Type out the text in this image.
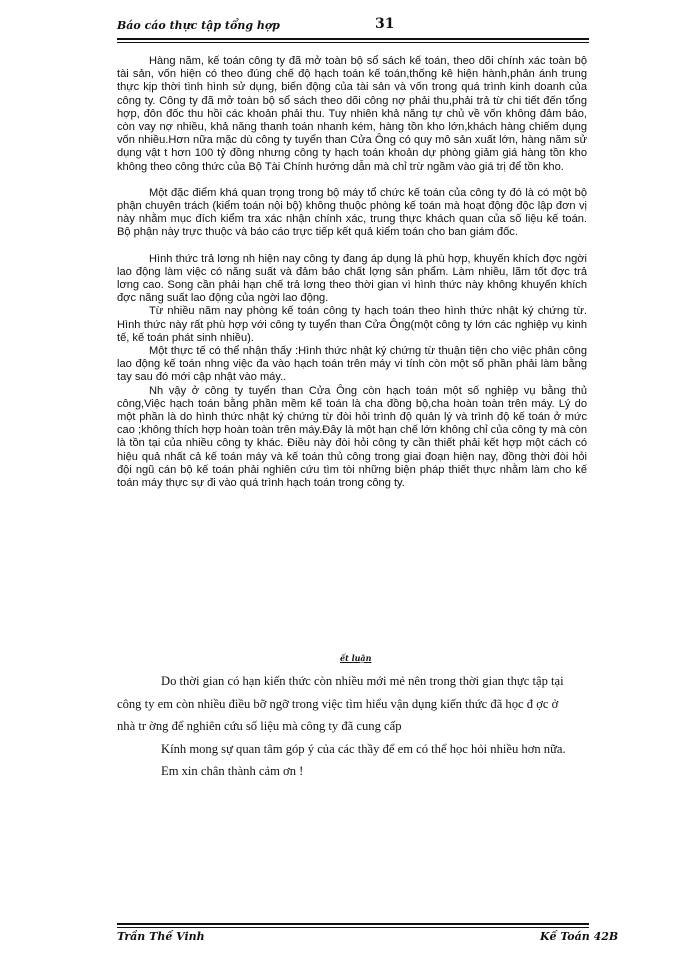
Báo cáo thực tập tổng hợp	31

Hàng năm, kế toán công ty đã mở toàn bộ sổ sách kế toán, theo dõi chính xác toàn bộ tài sản, vốn hiện có theo đúng chế độ hạch toán kế toán,thống kê hiện hành,phản ánh trung thực kịp thời tình hình sử dụng, biến động của tài sản và vốn trong quá trình kinh doanh của công ty. Công ty đã mở toàn bộ sổ sách theo dõi công nợ phải thu,phải trả từ chi tiết đến tổng hợp, đôn đốc thu hồi các khoản phải thu. Tuy nhiên khả năng tự chủ về vốn không đảm bảo, còn vay nợ nhiều, khả năng thanh toán nhanh kém, hàng tồn kho lớn,khách hàng chiếm dụng vốn nhiều.Hơn nữa mặc dù công ty tuyển than Cửa Ông có quy mô sản xuất lớn, hàng năm sử dụng vật t hơn 100 tỷ đồng nhưng công ty hạch toán khoản dự phòng giảm giá hàng tồn kho không theo công thức của Bộ Tài Chính hướng dẫn mà chỉ trừ ngầm vào giá trị để tồn kho.

Một đặc điểm khá quan trọng trong bộ máy tổ chức kế toán của công ty đó là có một bộ phận chuyên trách (kiểm toán nội bộ) không thuộc phòng kế toán mà hoạt động độc lập đơn vị này nhằm mục đích kiểm tra xác nhận chính xác, trung thực khách quan của số liệu kế toán. Bộ phận này trực thuộc và báo cáo trực tiếp kết quả kiểm toán cho ban giám đốc.

Hình thức trả lơng nh hiện nay công ty đang áp dụng là phù hợp, khuyến khích đợc ngời lao động làm việc có năng suất và đảm bảo chất lợng sản phẩm. Làm nhiều, lãm tốt đợc trả lơng cao. Song cần phải hạn chế trả lơng theo thời gian vì hình thức này không khuyến khích đợc năng suất lao động của ngời lao động.

Từ nhiều năm nay phòng kế toán công ty hạch toán theo hình thức nhật ký chứng từ. Hình thức này rất phù hợp với công ty tuyển than Cửa Ông(một công ty lớn các nghiệp vụ kinh tế, kế toán phát sinh nhiều).

Một thực tế có thể nhận thấy :Hình thức nhật ký chứng từ thuận tiện cho việc phân công lao động kế toán nhng việc đa vào hạch toán trên máy vi tính còn một số phần phải làm bằng tay sau đó mới cập nhật vào máy..

Nh vậy ở công ty tuyển than Cửa Ông còn hạch toán một số nghiệp vụ bằng thủ công,Việc hạch toán bằng phần mềm kế toán là cha đồng bộ,cha hoàn toàn trên máy. Lý do một phần là do hình thức nhật ký chứng từ đòi hỏi trình độ quản lý và trình độ kế toán ở mức cao ;không thích hợp hoàn toàn trên máy.Đây là một hạn chế lớn không chỉ của công ty mà còn là tồn tại của nhiều công ty khác. Điều này đòi hỏi công ty cần thiết phải kết hợp một cách có hiệu quả nhất cả kế toán máy và kế toán thủ công trong giai đoạn hiện nay, đồng thời đòi hỏi đội ngũ cán bộ kế toán phải nghiên cứu tìm tòi những biện pháp thiết thực nhằm làm cho kế toán máy thực sự đi vào quá trình hạch toán trong công ty.

ết luận

Do thời gian có hạn kiến thức còn nhiều mới mẻ nên trong thời gian thực tập tại

công ty em còn nhiều điều bỡ ngỡ trong việc tìm hiểu vận dụng kiến thức đã học đ ợc ở

nhà tr ờng để nghiên cứu số liệu mà công ty đã cung cấp

Kính mong sự quan tâm góp ý của các thầy để em có thể học hỏi nhiều hơn nữa.

Em xin chân thành cảm ơn !

Trần Thế Vinh	Kế Toán 42B
